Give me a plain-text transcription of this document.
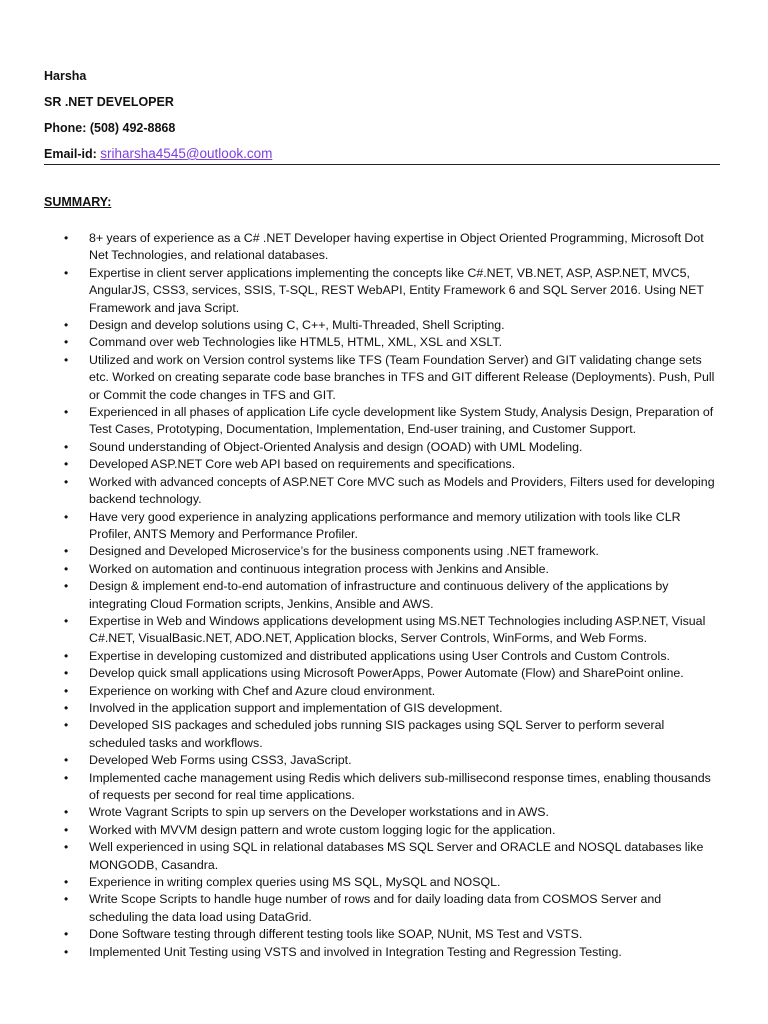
Harsha
SR .NET DEVELOPER
Phone: (508) 492-8868
Email-id: sriharsha4545@outlook.com
SUMMARY:
• 8+ years of experience as a C# .NET Developer having expertise in Object Oriented Programming, Microsoft Dot Net Technologies, and relational databases.
• Expertise in client server applications implementing the concepts like C#.NET, VB.NET, ASP, ASP.NET, MVC5, AngularJS, CSS3, services, SSIS, T-SQL, REST WebAPI, Entity Framework 6 and SQL Server 2016. Using NET Framework and java Script.
• Design and develop solutions using C, C++, Multi-Threaded, Shell Scripting.
• Command over web Technologies like HTML5, HTML, XML, XSL and XSLT.
• Utilized and work on Version control systems like TFS (Team Foundation Server) and GIT validating change sets etc. Worked on creating separate code base branches in TFS and GIT different Release (Deployments). Push, Pull or Commit the code changes in TFS and GIT.
• Experienced in all phases of application Life cycle development like System Study, Analysis Design, Preparation of Test Cases, Prototyping, Documentation, Implementation, End-user training, and Customer Support.
• Sound understanding of Object-Oriented Analysis and design (OOAD) with UML Modeling.
• Developed ASP.NET Core web API based on requirements and specifications.
• Worked with advanced concepts of ASP.NET Core MVC such as Models and Providers, Filters used for developing backend technology.
• Have very good experience in analyzing applications performance and memory utilization with tools like CLR Profiler, ANTS Memory and Performance Profiler.
• Designed and Developed Microservice’s for the business components using .NET framework.
• Worked on automation and continuous integration process with Jenkins and Ansible.
• Design & implement end-to-end automation of infrastructure and continuous delivery of the applications by integrating Cloud Formation scripts, Jenkins, Ansible and AWS.
• Expertise in Web and Windows applications development using MS.NET Technologies including ASP.NET, Visual C#.NET, VisualBasic.NET, ADO.NET, Application blocks, Server Controls, WinForms, and Web Forms.
• Expertise in developing customized and distributed applications using User Controls and Custom Controls.
• Develop quick small applications using Microsoft PowerApps, Power Automate (Flow) and SharePoint online.
• Experience on working with Chef and Azure cloud environment.
• Involved in the application support and implementation of GIS development.
• Developed SIS packages and scheduled jobs running SIS packages using SQL Server to perform several scheduled tasks and workflows.
• Developed Web Forms using CSS3, JavaScript.
• Implemented cache management using Redis which delivers sub-millisecond response times, enabling thousands of requests per second for real time applications.
• Wrote Vagrant Scripts to spin up servers on the Developer workstations and in AWS.
• Worked with MVVM design pattern and wrote custom logging logic for the application.
• Well experienced in using SQL in relational databases MS SQL Server and ORACLE and NOSQL databases like MONGODB, Casandra.
• Experience in writing complex queries using MS SQL, MySQL and NOSQL.
• Write Scope Scripts to handle huge number of rows and for daily loading data from COSMOS Server and scheduling the data load using DataGrid.
• Done Software testing through different testing tools like SOAP, NUnit, MS Test and VSTS.
• Implemented Unit Testing using VSTS and involved in Integration Testing and Regression Testing.
